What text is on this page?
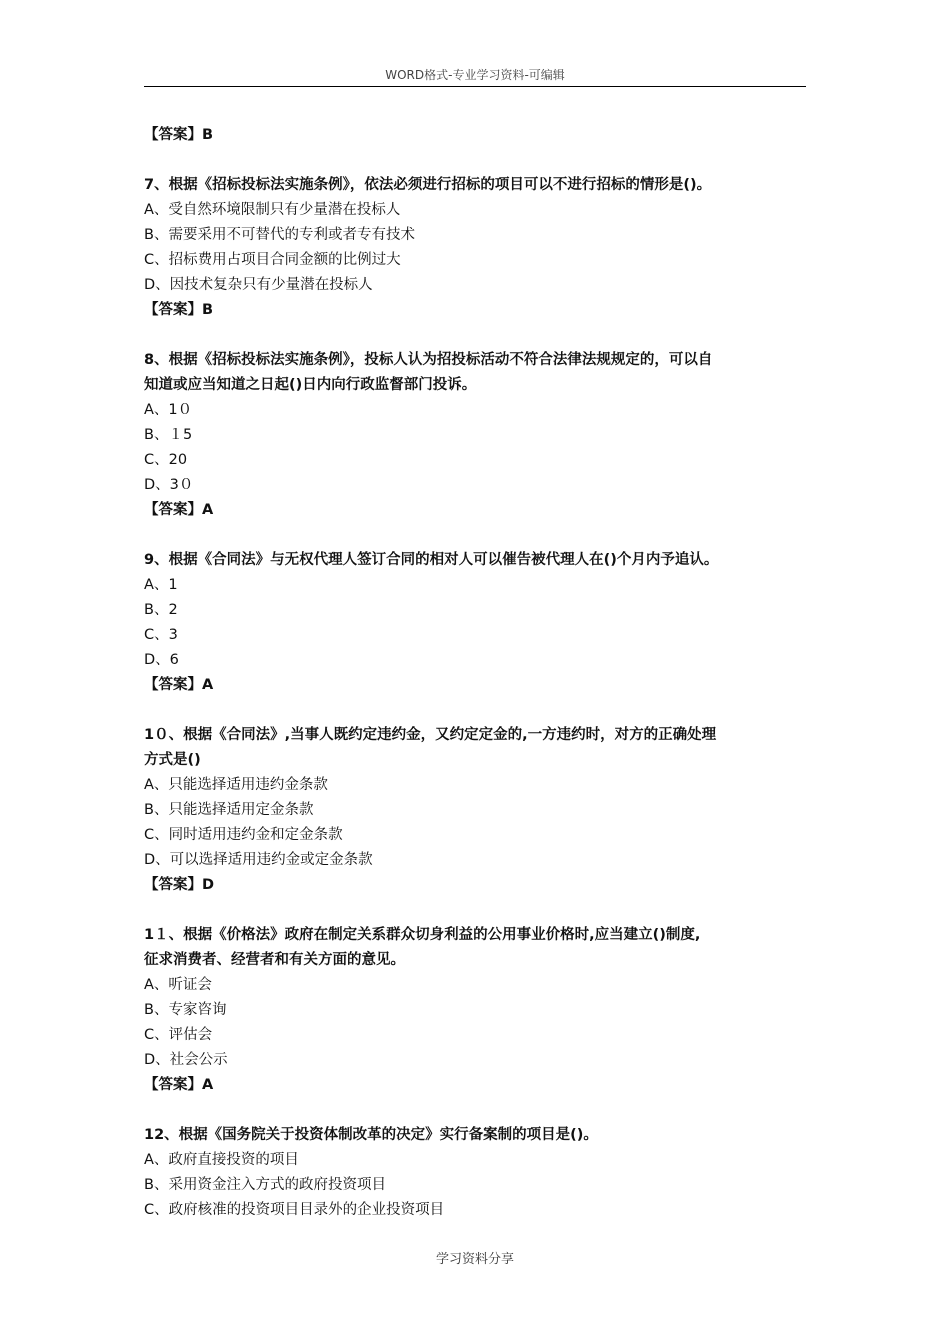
WORD格式-专业学习资料-可编辑
【答案】B
7、根据《招标投标法实施条例》，依法必须进行招标的项目可以不进行招标的情形是()。
A、受自然环境限制只有少量潜在投标人
B、需要采用不可替代的专利或者专有技术
C、招标费用占项目合同金额的比例过大
D、因技术复杂只有少量潜在投标人
【答案】B
8、根据《招标投标法实施条例》，投标人认为招投标活动不符合法律法规规定的，可以自
知道或应当知道之日起()日内向行政监督部门投诉。
A、1０
B、１5
C、20
D、3０
【答案】A
9、根据《合同法》与无权代理人签订合同的相对人可以催告被代理人在()个月内予追认。
A、1
B、2
C、3
D、6
【答案】A
1０、根据《合同法》,当事人既约定违约金，又约定定金的,一方违约时，对方的正确处理
方式是()
A、只能选择适用违约金条款
B、只能选择适用定金条款
C、同时适用违约金和定金条款
D、可以选择适用违约金或定金条款
【答案】D
1１、根据《价格法》政府在制定关系群众切身利益的公用事业价格时,应当建立()制度,
征求消费者、经营者和有关方面的意见。
A、听证会
B、专家咨询
C、评估会
D、社会公示
【答案】A
12、根据《国务院关于投资体制改革的决定》实行备案制的项目是()。
A、政府直接投资的项目
B、采用资金注入方式的政府投资项目
C、政府核准的投资项目目录外的企业投资项目
学习资料分享
